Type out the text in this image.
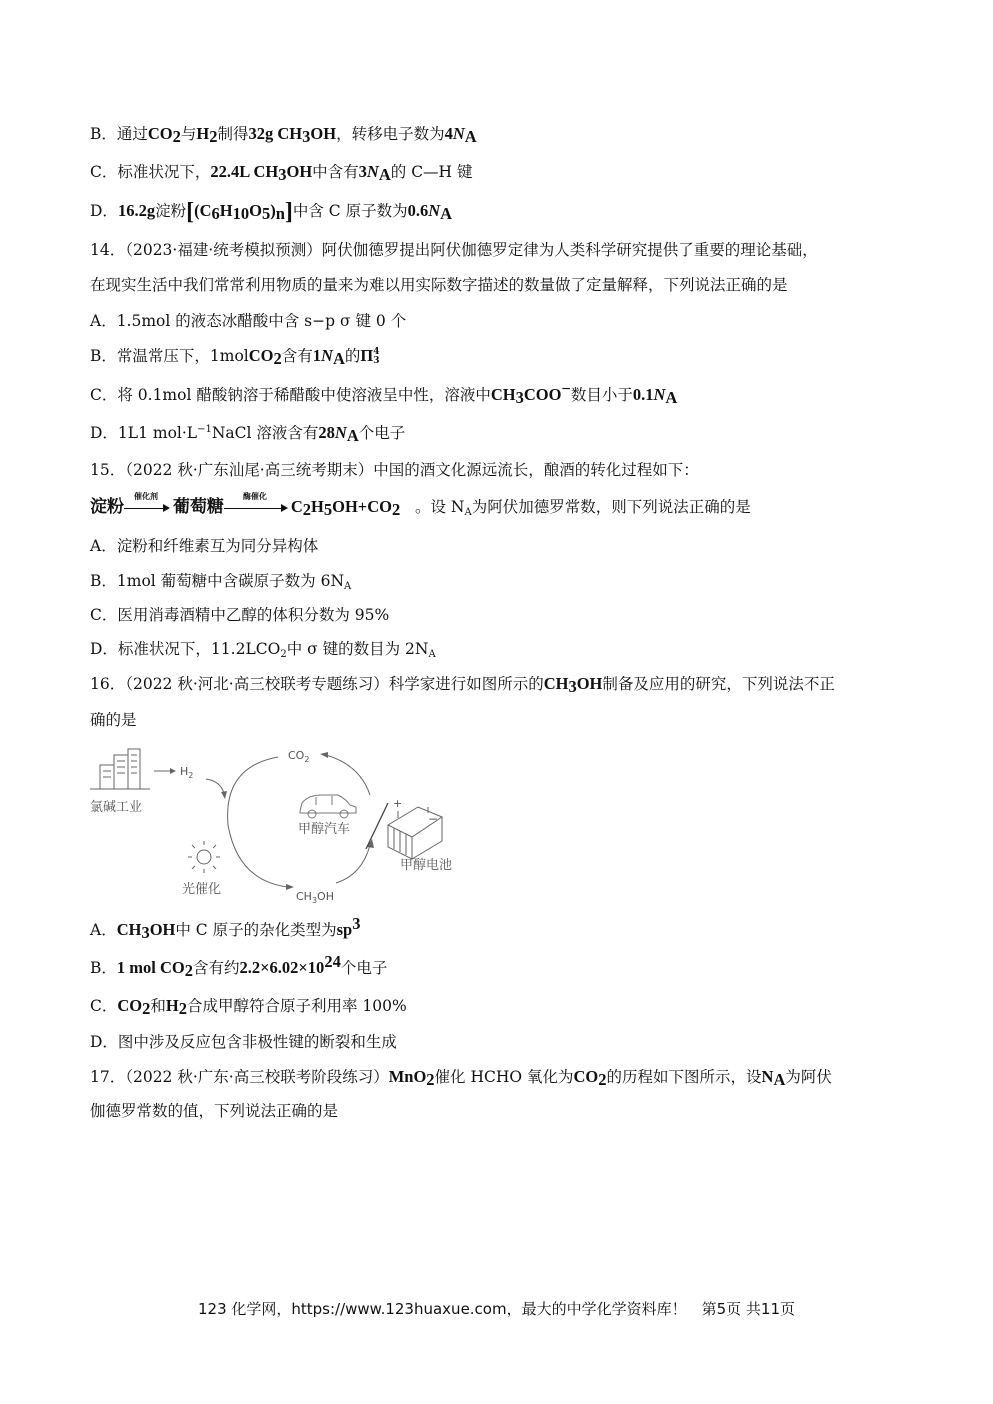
B．通过$CO_2$与$H_2$制得32g $CH_3OH$，转移电子数为$4N_A$
C．标准状况下，22.4L $CH_3OH$中含有$3N_A$的 C—H 键
D．16.2g淀粉$[(C_6H_{10}O_5)_n]$中含 C 原子数为$0.6N_A$
14．（2023·福建·统考模拟预测）阿伏伽德罗提出阿伏伽德罗定律为人类科学研究提供了重要的理论基础，
在现实生活中我们常常利用物质的量来为难以用实际数字描述的数量做了定量解释，下列说法正确的是
A．1.5mol 的液态冰醋酸中含 s−p σ 键 0 个
B．常温常压下，1molCO$_2$含有$1N_A$的Π 4
3
C．将 0.1mol 醋酸钠溶于稀醋酸中使溶液呈中性，溶液中$CH_3COO^-$数目小于$0.1N_A$
D．1L1 $mol\cdot L^{-1}NaCl$ 溶液含有$28N_A$个电子
15．（2022 秋·广东汕尾·高三统考期末）中国的酒文化源远流长，酿酒的转化过程如下：
淀粉
催化剂
葡萄糖
酶催化
$C_2H_5OH+CO_2$ 。设 $N_A$为阿伏加德罗常数，则下列说法正确的是
A．淀粉和纤维素互为同分异构体
B．1mol 葡萄糖中含碳原子数为 $6N_A$
C．医用消毒酒精中乙醇的体积分数为 95%
D．标准状况下，$11.2LCO_2$中 σ 键的数目为 $2N_A$
16．（2022 秋·河北·高三校联考专题练习）科学家进行如图所示的$CH_3OH$制备及应用的研究，下列说法不正
确的是
氯碱工业
$H_2$
$CO_2$
甲醇汽车
+
−
甲醇电池
光催化	$CH_3OH$
A．$CH_3OH$中 C 原子的杂化类型为$sp^3$
B．1 mol $CO_2$含有约$2.2\times 6.02\times 10^{24}$个电子
C．$CO_2$和$H_2$合成甲醇符合原子利用率 100%
D．图中涉及反应包含非极性键的断裂和生成
17．（2022 秋·广东·高三校联考阶段练习）MnO$_2$催化 HCHO 氧化为$CO_2$的历程如下图所示，设$N_A$为阿伏
伽德罗常数的值，下列说法正确的是
123 化学网，https://www.123huaxue.com，最大的中学化学资料库！　第5页 共11页
